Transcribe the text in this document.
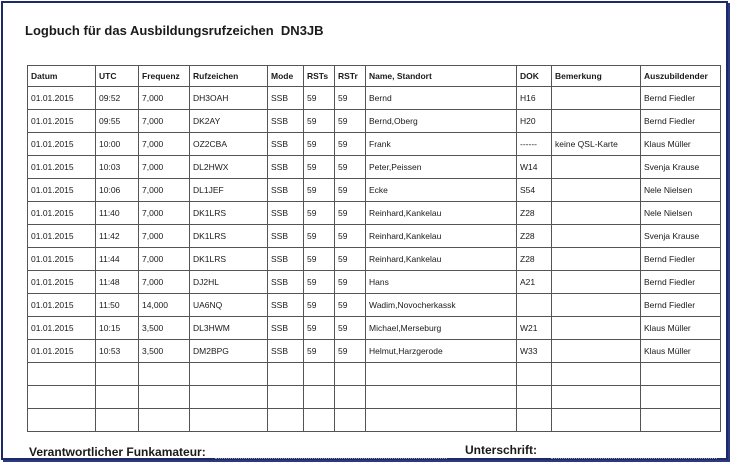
Logbuch für das Ausbildungsrufzeichen  DN3JB
Datum	UTC	Frequenz	Rufzeichen	Mode	RSTs	RSTr	Name, Standort	DOK	Bemerkung	Auszubildender
01.01.2015	09:52	7,000	DH3OAH	SSB	59	59	Bernd	H16		Bernd Fiedler
01.01.2015	09:55	7,000	DK2AY	SSB	59	59	Bernd,Oberg	H20		Bernd Fiedler
01.01.2015	10:00	7,000	OZ2CBA	SSB	59	59	Frank	------	keine QSL-Karte	Klaus Müller
01.01.2015	10:03	7,000	DL2HWX	SSB	59	59	Peter,Peissen	W14		Svenja Krause
01.01.2015	10:06	7,000	DL1JEF	SSB	59	59	Ecke	S54		Nele Nielsen
01.01.2015	11:40	7,000	DK1LRS	SSB	59	59	Reinhard,Kankelau	Z28		Nele Nielsen
01.01.2015	11:42	7,000	DK1LRS	SSB	59	59	Reinhard,Kankelau	Z28		Svenja Krause
01.01.2015	11:44	7,000	DK1LRS	SSB	59	59	Reinhard,Kankelau	Z28		Bernd Fiedler
01.01.2015	11:48	7,000	DJ2HL	SSB	59	59	Hans	A21		Bernd Fiedler
01.01.2015	11:50	14,000	UA6NQ	SSB	59	59	Wadim,Novocherkassk			Bernd Fiedler
01.01.2015	10:15	3,500	DL3HWM	SSB	59	59	Michael,Merseburg	W21		Klaus Müller
01.01.2015	10:53	3,500	DM2BPG	SSB	59	59	Helmut,Harzgerode	W33		Klaus Müller

Verantwortlicher Funkamateur:	Unterschrift:
